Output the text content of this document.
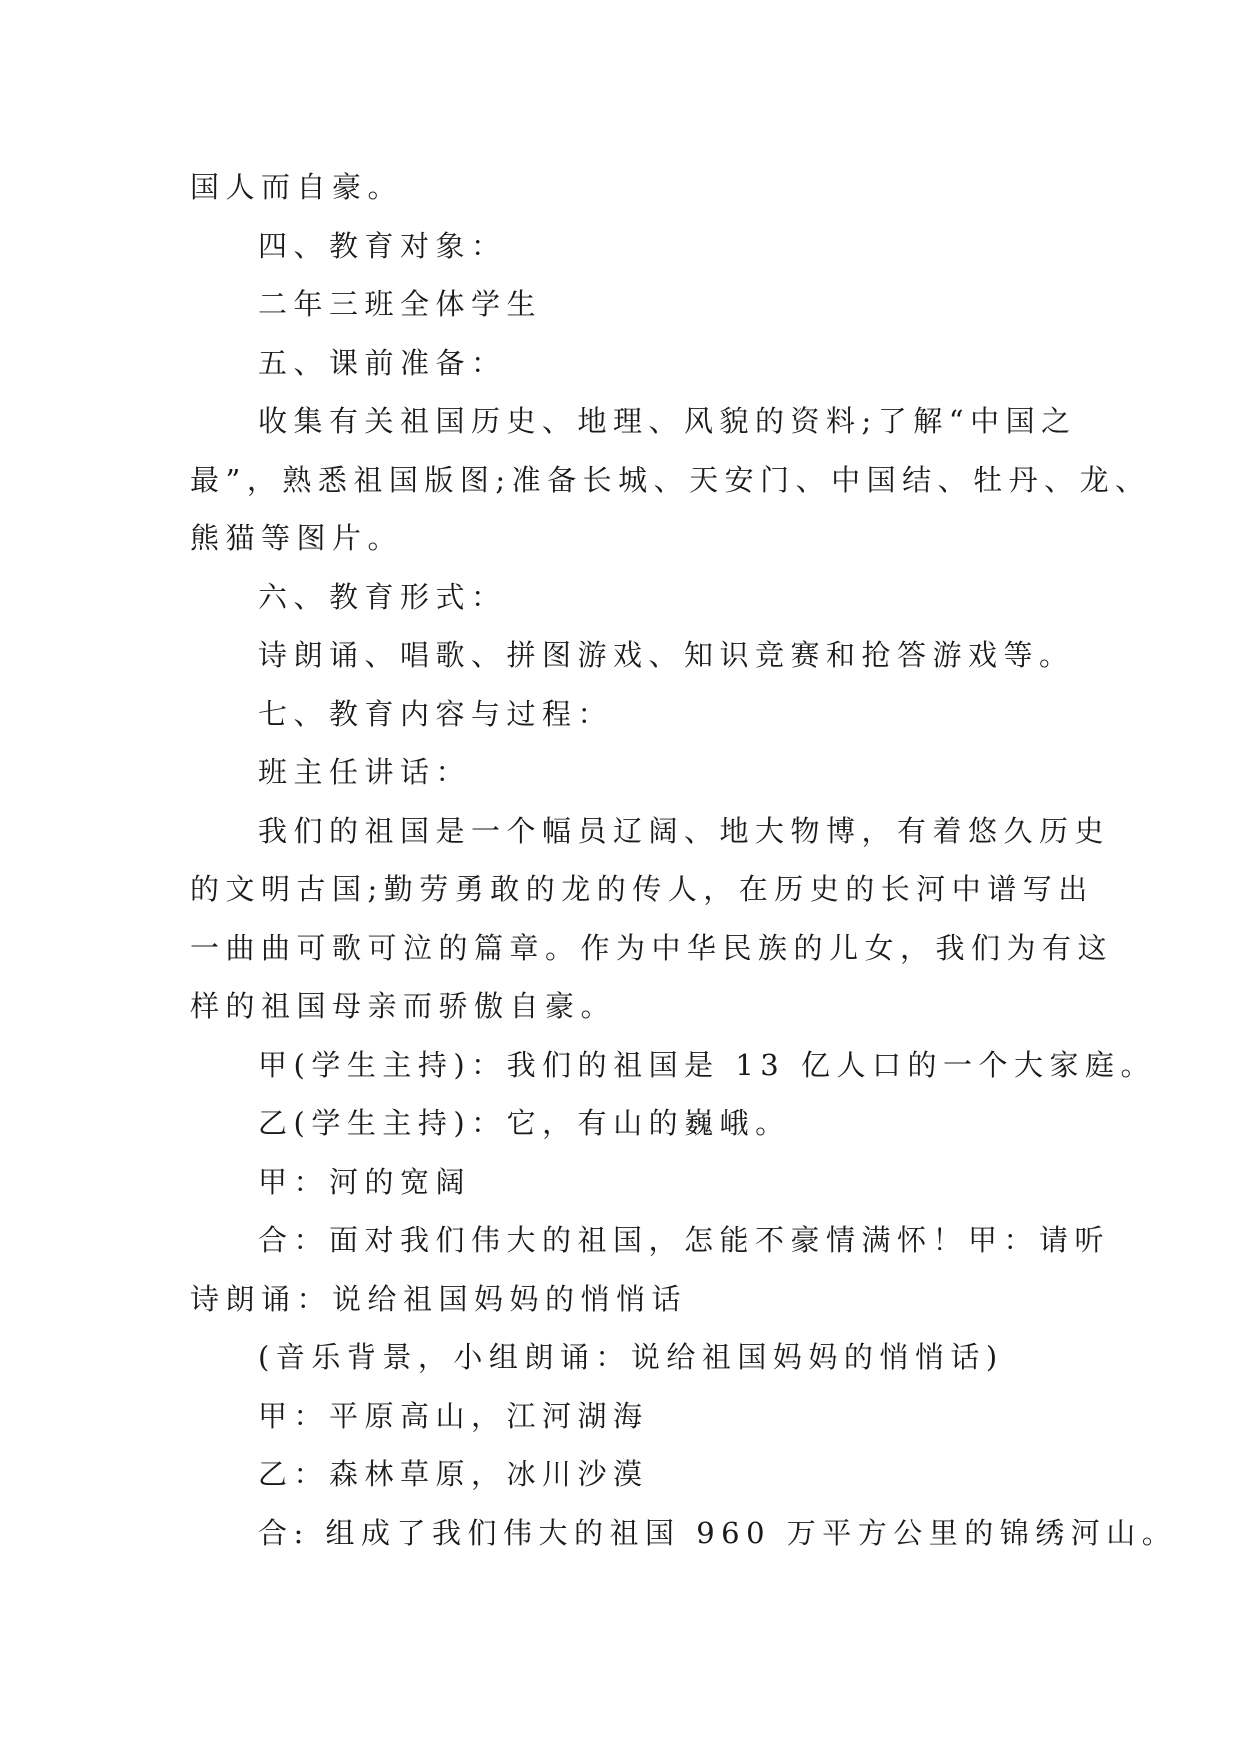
国人而自豪。

四、教育对象：

二年三班全体学生

五、课前准备：

收集有关祖国历史、地理、风貌的资料;了解“中国之

最”，熟悉祖国版图;准备长城、天安门、中国结、牡丹、龙、

熊猫等图片。

六、教育形式：

诗朗诵、唱歌、拼图游戏、知识竞赛和抢答游戏等。

七、教育内容与过程：

班主任讲话：

我们的祖国是一个幅员辽阔、地大物博，有着悠久历史

的文明古国;勤劳勇敢的龙的传人，在历史的长河中谱写出

一曲曲可歌可泣的篇章。作为中华民族的儿女，我们为有这

样的祖国母亲而骄傲自豪。

甲(学生主持)：我们的祖国是 13 亿人口的一个大家庭。

乙(学生主持)：它，有山的巍峨。

甲：河的宽阔

合：面对我们伟大的祖国，怎能不豪情满怀！甲：请听

诗朗诵：说给祖国妈妈的悄悄话

(音乐背景，小组朗诵：说给祖国妈妈的悄悄话)

甲：平原高山，江河湖海

乙：森林草原，冰川沙漠

合: 组成了我们伟大的祖国 960 万平方公里的锦绣河山。
